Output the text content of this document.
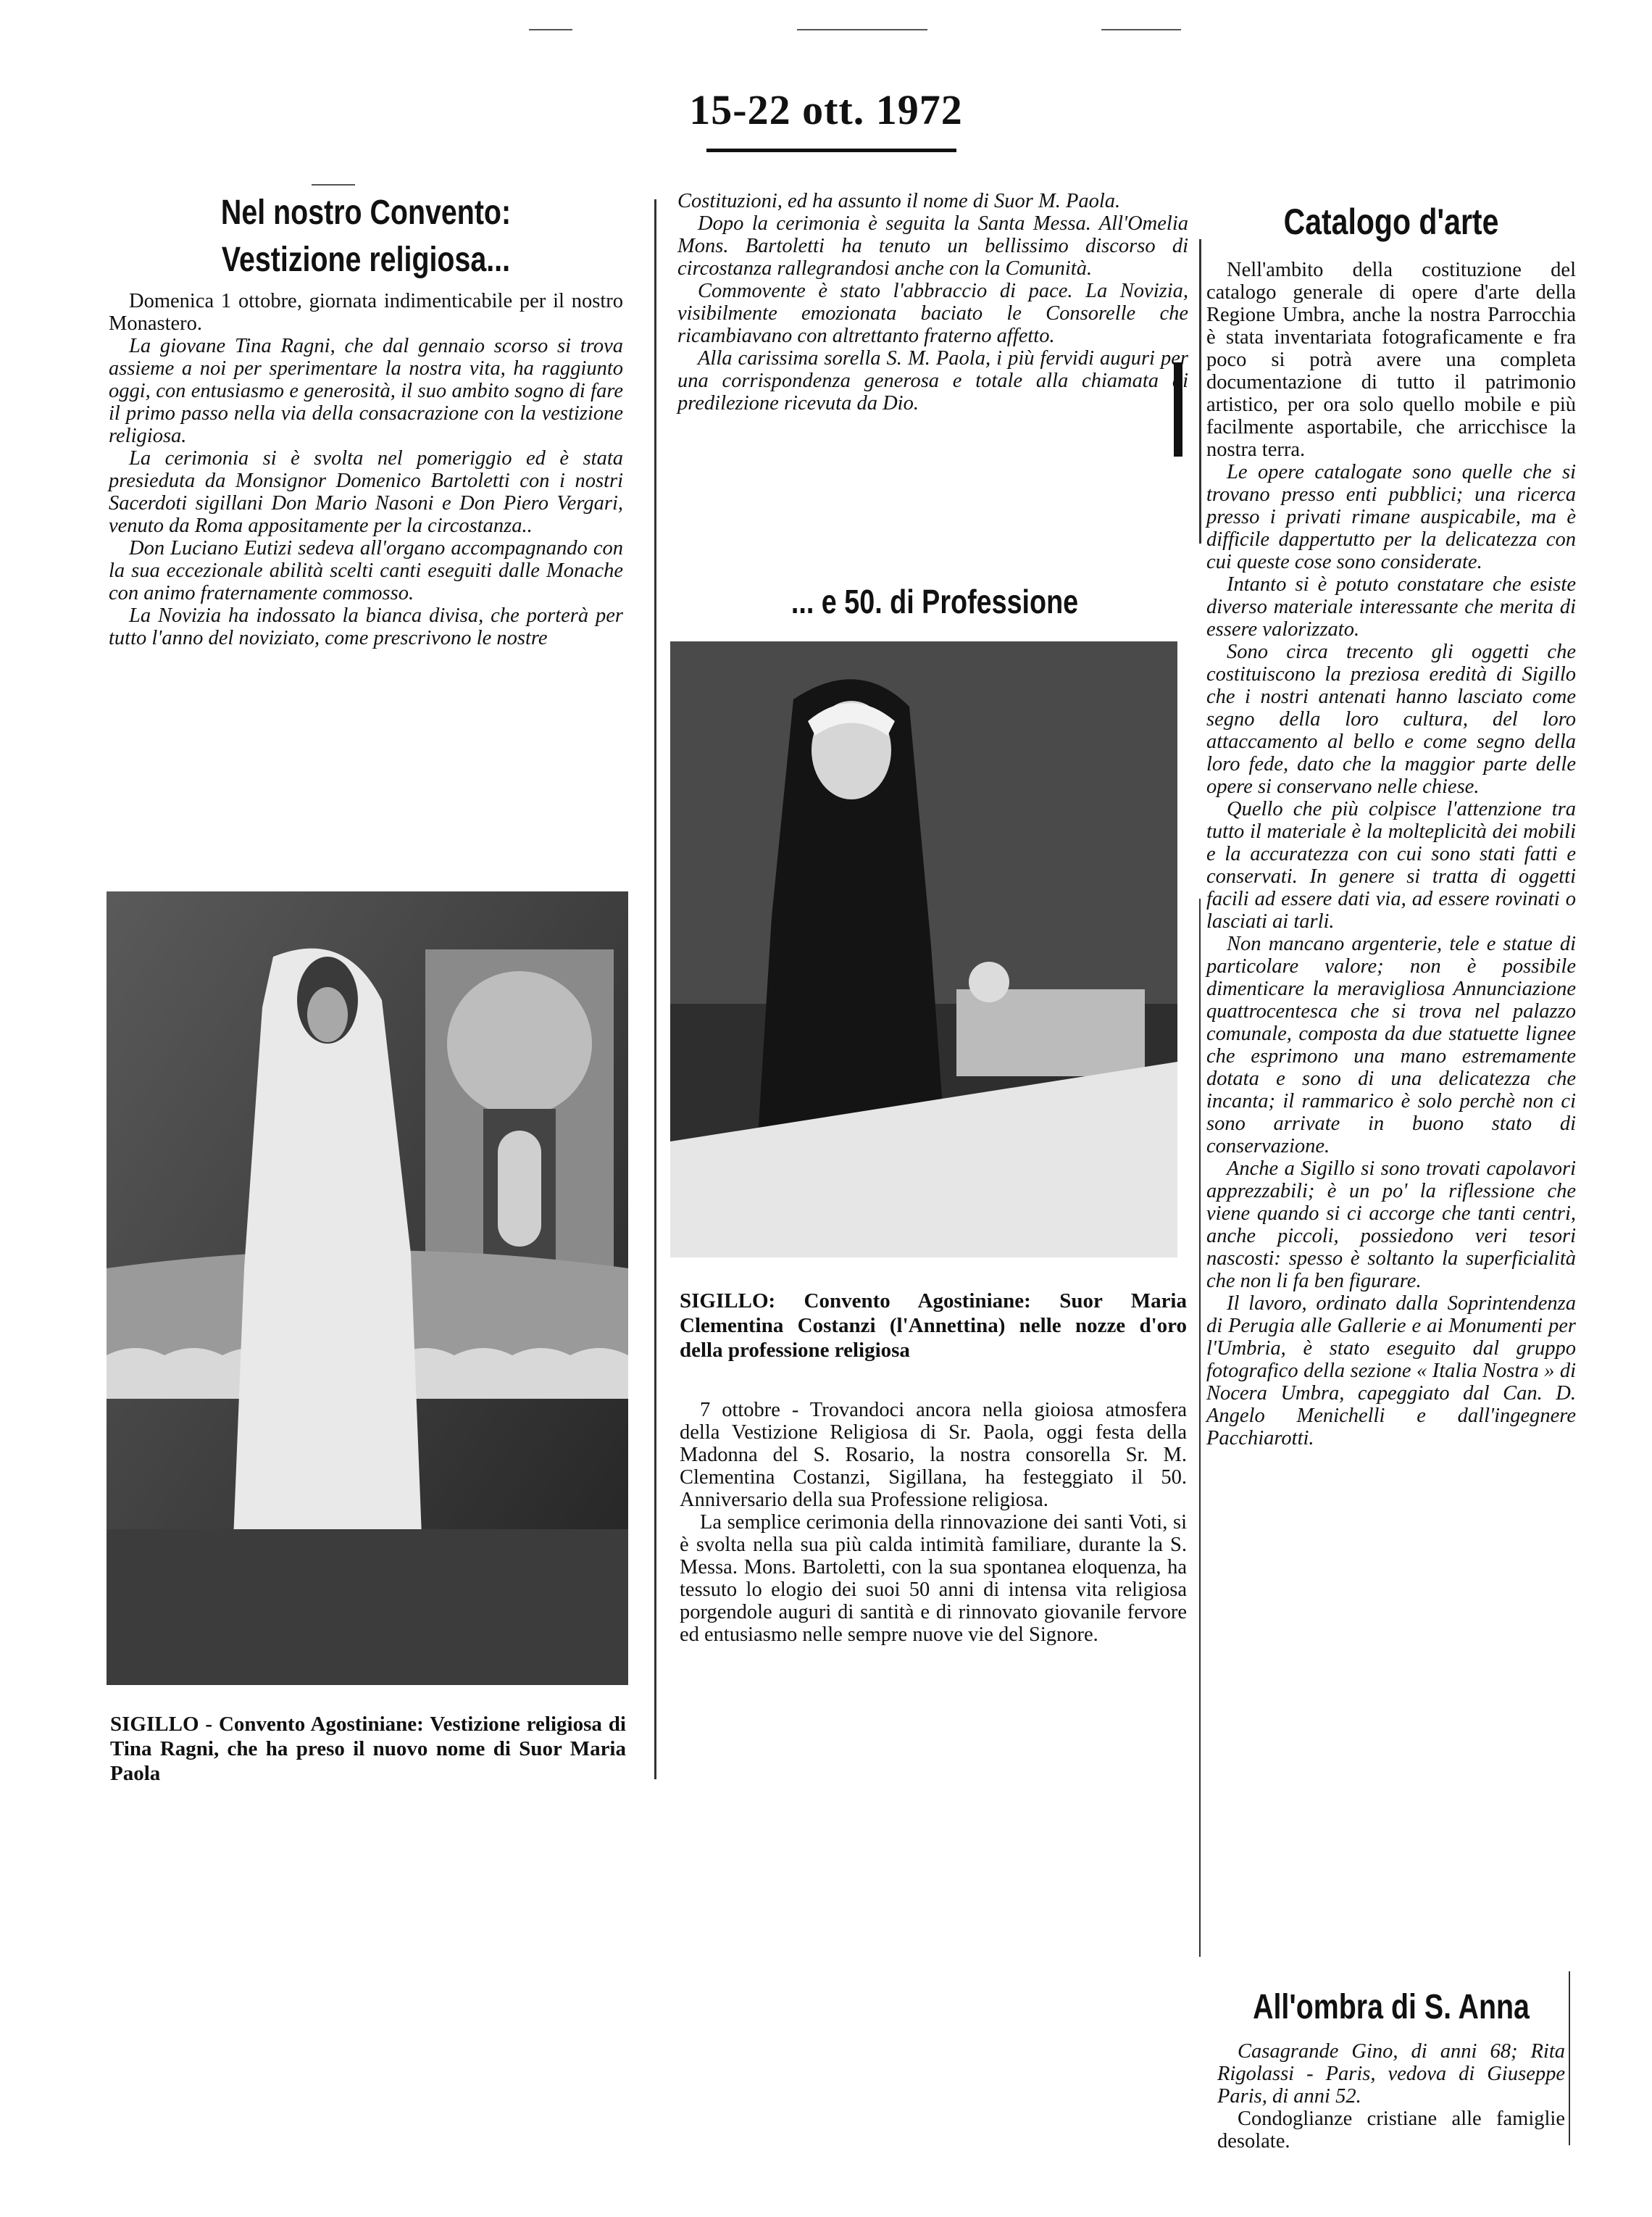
15-22 ott. 1972
Nel nostro Convento:
Vestizione religiosa...

Domenica 1 ottobre, giornata indimenticabile per il nostro Monastero.

La giovane Tina Ragni, che dal gennaio scorso si trova assieme a noi per sperimentare la nostra vita, ha raggiunto oggi, con entusiasmo e generosità, il suo ambito sogno di fare il primo passo nella via della consacrazione con la vestizione religiosa.

La cerimonia si è svolta nel pomeriggio ed è stata presieduta da Monsignor Domenico Bartoletti con i nostri Sacerdoti sigillani Don Mario Nasoni e Don Piero Vergari, venuto da Roma appositamente per la circostanza..

Don Luciano Eutizi sedeva all'organo accompagnando con la sua eccezionale abilità scelti canti eseguiti dalle Monache con animo fraternamente commosso.

La Novizia ha indossato la bianca divisa, che porterà per tutto l'anno del noviziato, come prescrivono le nostre

SIGILLO - Convento Agostiniane: Vestizione religiosa di Tina Ragni, che ha preso il nuovo nome di Suor Maria Paola

Costituzioni, ed ha assunto il nome di Suor M. Paola.

Dopo la cerimonia è seguita la Santa Messa. All'Omelia Mons. Bartoletti ha tenuto un bellissimo discorso di circostanza rallegrandosi anche con la Comunità.

Commovente è stato l'abbraccio di pace. La Novizia, visibilmente emozionata baciato le Consorelle che ricambiavano con altrettanto fraterno affetto.

Alla carissima sorella S. M. Paola, i più fervidi auguri per una corrispondenza generosa e totale alla chiamata di predilezione ricevuta da Dio.

... e 50. di Professione
SIGILLO: Convento Agostiniane: Suor Maria Clementina Costanzi (l'Annettina) nelle nozze d'oro della professione religiosa

7 ottobre - Trovandoci ancora nella gioiosa atmosfera della Vestizione Religiosa di Sr. Paola, oggi festa della Madonna del S. Rosario, la nostra consorella Sr. M. Clementina Costanzi, Sigillana, ha festeggiato il 50. Anniversario della sua Professione religiosa.

La semplice cerimonia della rinnovazione dei santi Voti, si è svolta nella sua più calda intimità familiare, durante la S. Messa. Mons. Bartoletti, con la sua spontanea eloquenza, ha tessuto lo elogio dei suoi 50 anni di intensa vita religiosa porgendole auguri di santità e di rinnovato giovanile fervore ed entusiasmo nelle sempre nuove vie del Signore.

Catalogo d'arte

Nell'ambito della costituzione del catalogo generale di opere d'arte della Regione Umbra, anche la nostra Parrocchia è stata inventariata fotograficamente e fra poco si potrà avere una completa documentazione di tutto il patrimonio artistico, per ora solo quello mobile e più facilmente asportabile, che arricchisce la nostra terra.

Le opere catalogate sono quelle che si trovano presso enti pubblici; una ricerca presso i privati rimane auspicabile, ma è difficile dappertutto per la delicatezza con cui queste cose sono considerate.

Intanto si è potuto constatare che esiste diverso materiale interessante che merita di essere valorizzato.

Sono circa trecento gli oggetti che costituiscono la preziosa eredità di Sigillo che i nostri antenati hanno lasciato come segno della loro cultura, del loro attaccamento al bello e come segno della loro fede, dato che la maggior parte delle opere si conservano nelle chiese.

Quello che più colpisce l'attenzione tra tutto il materiale è la molteplicità dei mobili e la accuratezza con cui sono stati fatti e conservati. In genere si tratta di oggetti facili ad essere dati via, ad essere rovinati o lasciati ai tarli.

Non mancano argenterie, tele e statue di particolare valore; non è possibile dimenticare la meravigliosa Annunciazione quattrocentesca che si trova nel palazzo comunale, composta da due statuette lignee che esprimono una mano estremamente dotata e sono di una delicatezza che incanta; il rammarico è solo perchè non ci sono arrivate in buono stato di conservazione.

Anche a Sigillo si sono trovati capolavori apprezzabili; è un po' la riflessione che viene quando si ci accorge che tanti centri, anche piccoli, possiedono veri tesori nascosti: spesso è soltanto la superficialità che non li fa ben figurare.

Il lavoro, ordinato dalla Soprintendenza di Perugia alle Gallerie e ai Monumenti per l'Umbria, è stato eseguito dal gruppo fotografico della sezione « Italia Nostra » di Nocera Umbra, capeggiato dal Can. D. Angelo Menichelli e dall'ingegnere Pacchiarotti.

All'ombra di S. Anna

Casagrande Gino, di anni 68; Rita Rigolassi - Paris, vedova di Giuseppe Paris, di anni 52.

Condoglianze cristiane alle famiglie desolate.
